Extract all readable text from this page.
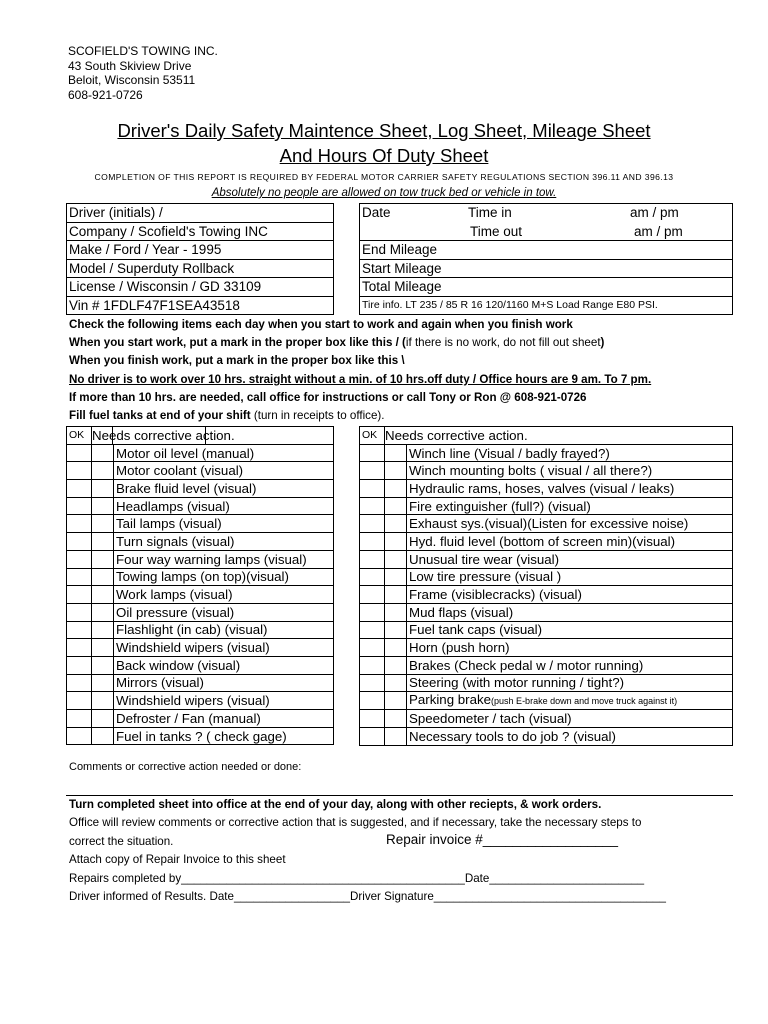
SCOFIELD'S TOWING INC.
43 South Skiview Drive
Beloit, Wisconsin 53511
608-921-0726
Driver's Daily Safety Maintence Sheet, Log Sheet, Mileage Sheet
And Hours Of Duty Sheet
COMPLETION OF THIS REPORT IS REQUIRED BY FEDERAL MOTOR CARRIER SAFETY REGULATIONS SECTION 396.11 AND 396.13
Absolutely no people are allowed on tow truck bed or vehicle in tow.
Driver (initials) /
Company / Scofield's Towing INC
Make / Ford / Year - 1995
Model / Superduty Rollback
License / Wisconsin / GD 33109
Vin # 1FDLF47F1SEA43518
Date	Time in	am / pm
Time out	am / pm
End Mileage
Start Mileage
Total Mileage
Tire info. LT 235 / 85 R 16 120/1160 M+S Load Range E80 PSI.
Check the following items each day when you start to work and again when you finish work
When you start work, put a mark in the proper box like this / (if there is no work, do not fill out sheet)
When you finish work, put a mark in the proper box like this \
No driver is to work over 10 hrs. straight without a min. of 10 hrs.off duty / Office hours are 9 am. To 7 pm.
If more than 10 hrs. are needed, call office for instructions or call Tony or Ron @ 608-921-0726
Fill fuel tanks at end of your shift (turn in receipts to office).
OK	Needs corrective action.	

		Motor oil level (manual)
		Motor coolant (visual)
		Brake fluid level (visual)
		Headlamps (visual)
		Tail lamps (visual)
		Turn signals (visual)
		Four way warning lamps (visual)
		Towing lamps (on top)(visual)
		Work lamps (visual)
		Oil pressure (visual)
		Flashlight (in cab) (visual)
		Windshield wipers (visual)
		Back window (visual)
		Mirrors (visual)
		Windshield wipers (visual)
		Defroster / Fan (manual)
		Fuel in tanks ? ( check gage)
OK	Needs corrective action.	
		Winch line (Visual / badly frayed?)
		Winch mounting bolts ( visual / all there?)
		Hydraulic rams, hoses, valves (visual / leaks)
		Fire extinguisher (full?) (visual)
		Exhaust sys.(visual)(Listen for excessive noise)
		Hyd. fluid level (bottom of screen min)(visual)
		Unusual tire wear (visual)
		Low tire pressure (visual )
		Frame (visiblecracks) (visual)
		Mud flaps (visual)
		Fuel tank caps (visual)
		Horn (push horn)
		Brakes (Check pedal w / motor running)
		Steering (with motor running / tight?)
		Parking brake(push E-brake down and move truck against it)
		Speedometer / tach (visual)
		Necessary tools to do job ? (visual)
Comments or corrective action needed or done:
Turn completed sheet into office at the end of your day, along with other reciepts, & work orders.
Office will review comments or corrective action that is suggested, and if necessary, take the necessary steps to
correct the situation.	Repair invoice #__________________
Attach copy of Repair Invoice to this sheet
Repairs completed by____________________________________________Date________________________
Driver informed of Results. Date__________________Driver Signature____________________________________
